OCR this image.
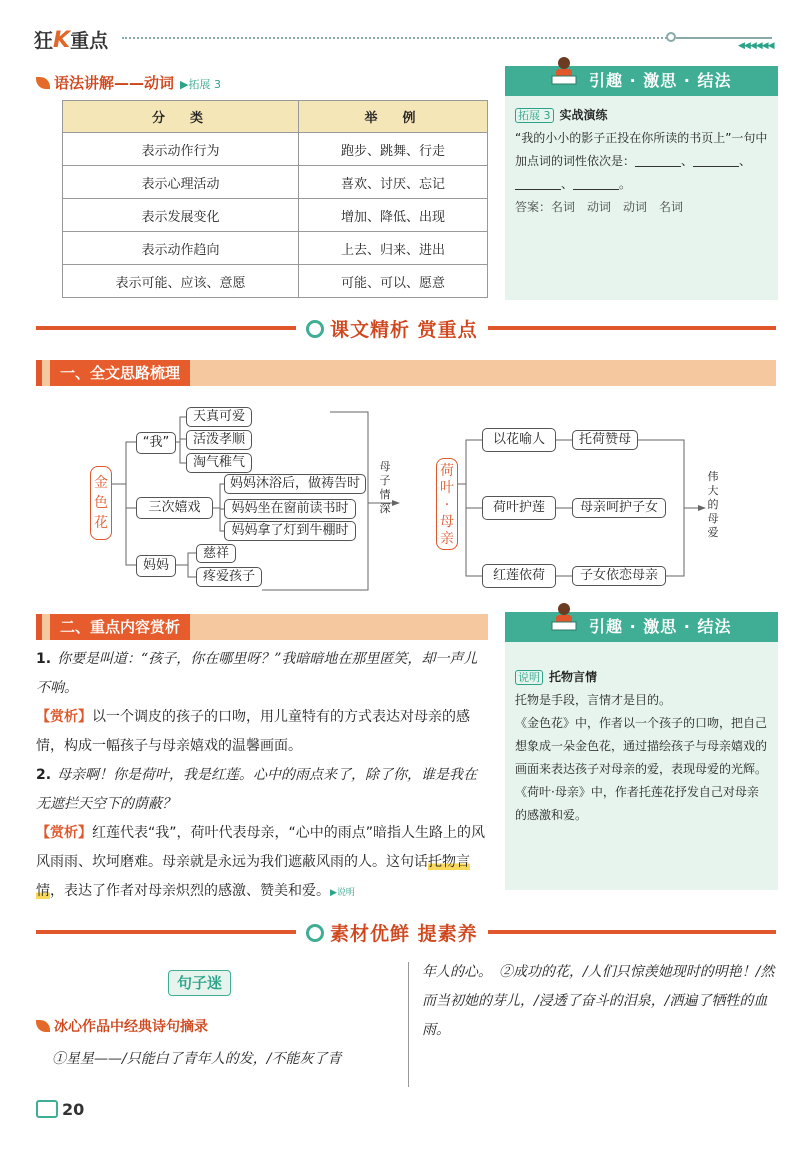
狂K重点	◀◀◀◀◀◀
语法讲解——动词 ▶拓展 3
分　类	举　例
表示动作行为	跑步、跳舞、行走
表示心理活动	喜欢、讨厌、忘记
表示发展变化	增加、降低、出现
表示动作趋向	上去、归来、进出
表示可能、应该、意愿	可能、可以、愿意
引趣 · 激思 · 结法
拓展 3 实战演练
“我的小小的影子正投在你所读的书页上”一句中加点词的词性依次是：	、	、
、	。
答案：名词　动词　动词　名词
课文精析 赏重点
一、全文思路梳理
金色花
“我”
天真可爱
活泼孝顺
淘气稚气
三次嬉戏
妈妈沐浴后，做祷告时
妈妈坐在窗前读书时
妈妈拿了灯到牛棚时
妈妈
慈祥
疼爱孩子
母子情深
荷叶·母亲
以花喻人
荷叶护莲
红莲依荷
托荷赞母
母亲呵护子女
子女依恋母亲
伟大的母爱
二、重点内容赏析	引趣 · 激思 · 结法
说明 托物言情
托物是手段，言情才是目的。
《金色花》中，作者以一个孩子的口吻，把自己想象成一朵金色花，通过描绘孩子与母亲嬉戏的画面来表达孩子对母亲的爱，表现母爱的光辉。
《荷叶·母亲》中，作者托莲花抒发自己对母亲的感激和爱。
1. 你要是叫道：“孩子，你在哪里呀？”我暗暗地在那里匿笑，却一声儿不响。
【赏析】以一个调皮的孩子的口吻，用儿童特有的方式表达对母亲的感情，构成一幅孩子与母亲嬉戏的温馨画面。
2. 母亲啊！你是荷叶，我是红莲。心中的雨点来了，除了你，谁是我在无遮拦天空下的荫蔽？
【赏析】红莲代表“我”，荷叶代表母亲，“心中的雨点”暗指人生路上的风风雨雨、坎坷磨难。母亲就是永远为我们遮蔽风雨的人。这句话托物言情，表达了作者对母亲炽烈的感激、赞美和爱。▶说明
素材优鲜 提素养
句子迷
冰心作品中经典诗句摘录
①星星——/只能白了青年人的发，/不能灰了青
年人的心。　②成功的花，/人们只惊羡她现时的明艳！/然而当初她的芽儿，/浸透了奋斗的泪泉，/洒遍了牺牲的血雨。
20
